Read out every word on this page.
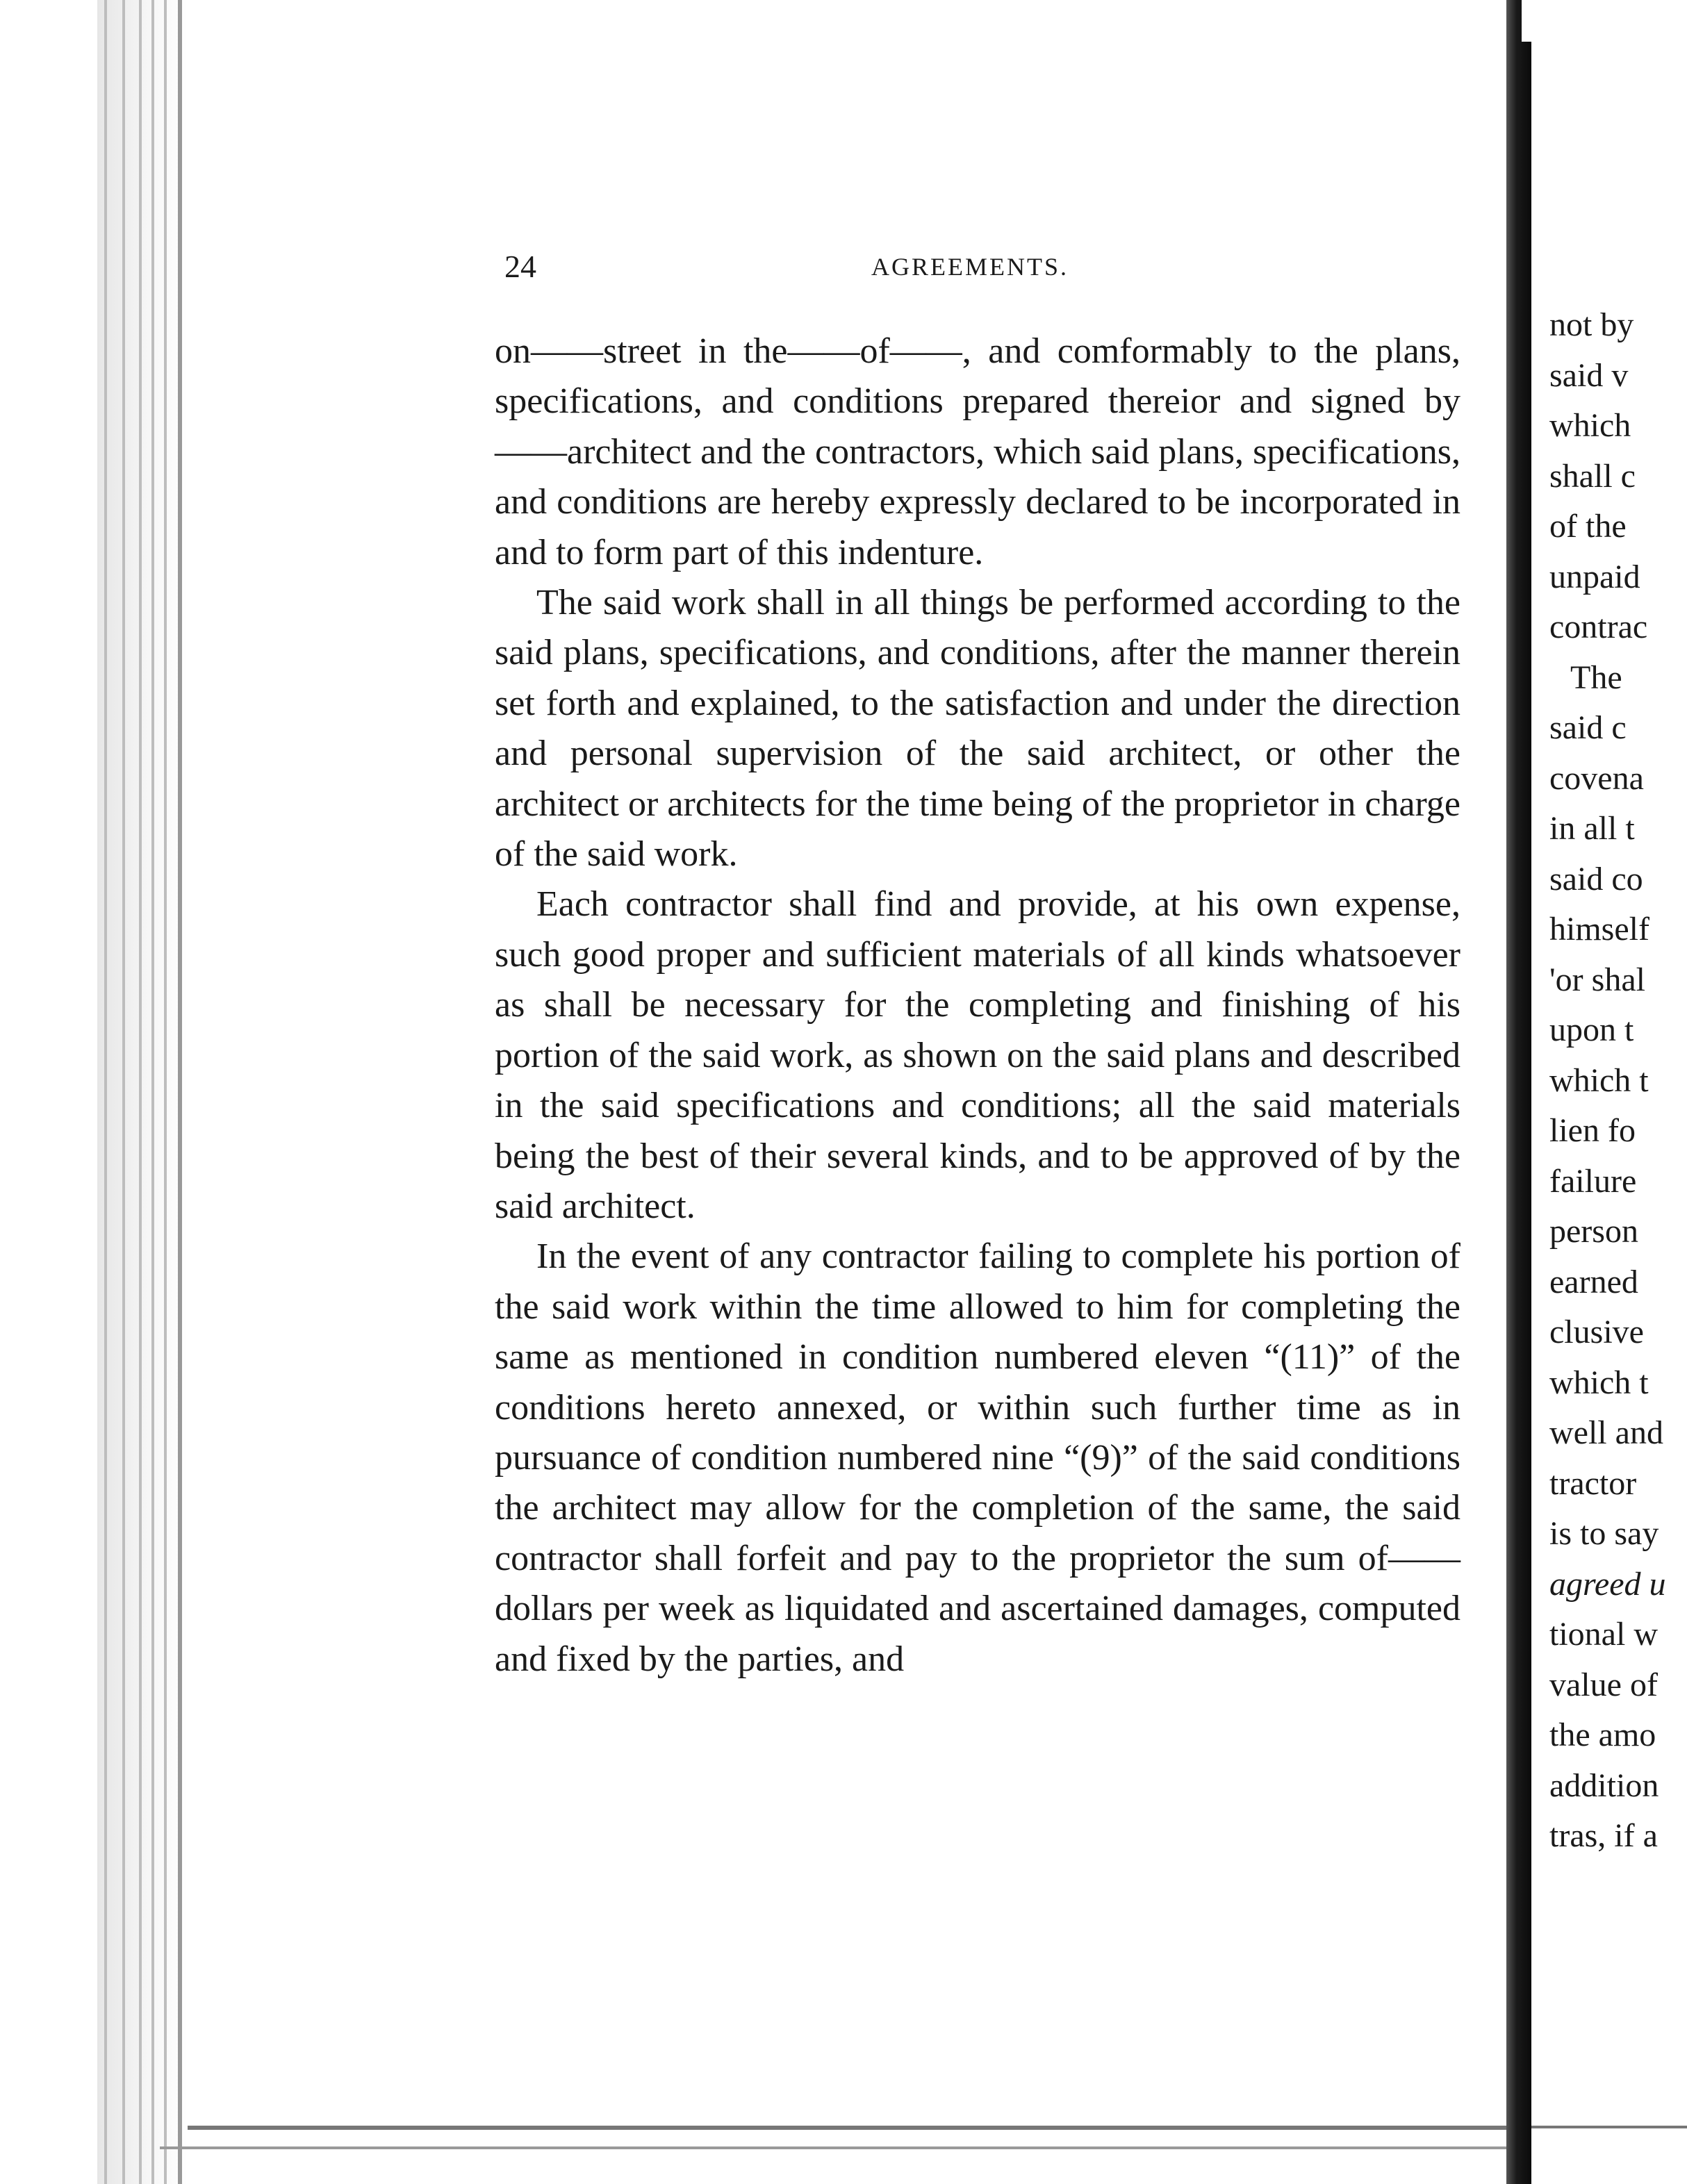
24	AGREEMENTS.

on——street in the——of——, and comformably to the plans, specifications, and conditions prepared thereior and signed by——architect and the contractors, which said plans, specifications, and conditions are hereby expressly declared to be incorporated in and to form part of this indenture.

The said work shall in all things be performed according to the said plans, specifications, and conditions, after the manner therein set forth and explained, to the satisfaction and under the direction and personal supervision of the said architect, or other the architect or architects for the time being of the proprietor in charge of the said work.

Each contractor shall find and provide, at his own expense, such good proper and sufficient materials of all kinds whatsoever as shall be necessary for the completing and finishing of his portion of the said work, as shown on the said plans and described in the said specifications and conditions; all the said materials being the best of their several kinds, and to be approved of by the said architect.

In the event of any contractor failing to complete his portion of the said work within the time allowed to him for completing the same as mentioned in condition numbered eleven “(11)” of the conditions hereto annexed, or within such further time as in pursuance of condition numbered nine “(9)” of the said conditions the architect may allow for the completion of the same, the said contractor shall forfeit and pay to the proprietor the sum of——dollars per week as liquidated and ascertained damages, computed and fixed by the parties, and

not by
said v
which
shall c
of the
unpaid
contrac
The
said c
covena
in all t
said co
himself
'or shal
upon t
which t
lien fo
failure
person
earned
clusive
which t
well and
tractor
is to say
agreed u
tional w
value of
the amo
addition
tras, if a
